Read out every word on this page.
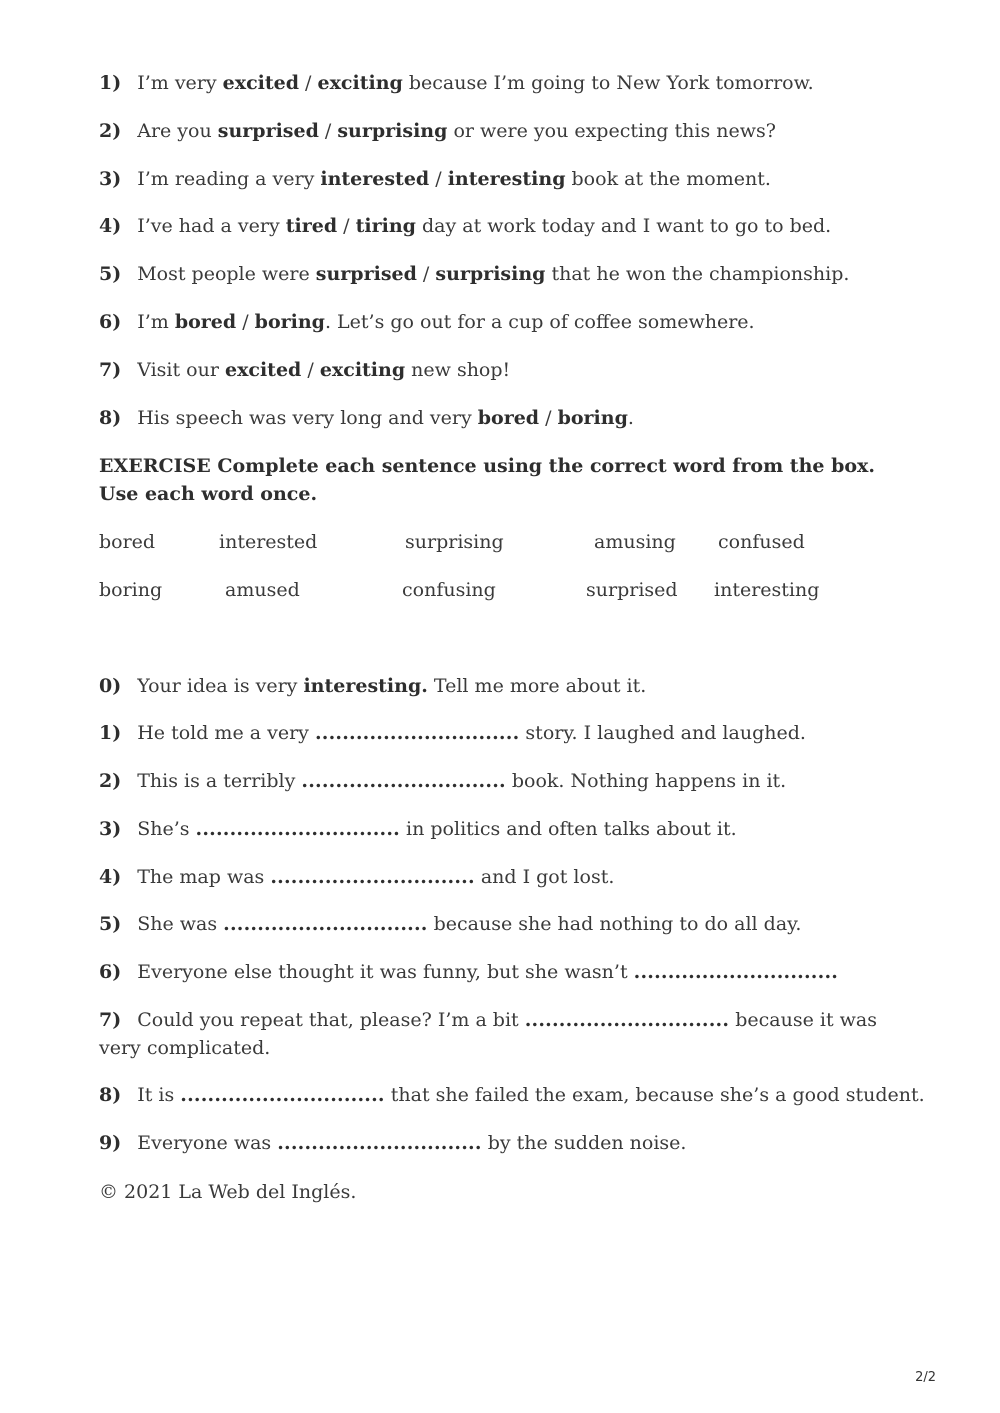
1) I’m very excited / exciting because I’m going to New York tomorrow.
2) Are you surprised / surprising or were you expecting this news?
3) I’m reading a very interested / interesting book at the moment.
4) I’ve had a very tired / tiring day at work today and I want to go to bed.
5) Most people were surprised / surprising that he won the championship.
6) I’m bored / boring. Let’s go out for a cup of coffee somewhere.
7) Visit our excited / exciting new shop!
8) His speech was very long and very bored / boring.
EXERCISE Complete each sentence using the correct word from the box. Use each word once.
bored	interested	surprising	amusing confused
boring	amused	confusing	surprised interesting
0) Your idea is very interesting. Tell me more about it.
1) He told me a very .............................. story. I laughed and laughed.
2) This is a terribly .............................. book. Nothing happens in it.
3) She’s .............................. in politics and often talks about it.
4) The map was .............................. and I got lost.
5) She was .............................. because she had nothing to do all day.
6) Everyone else thought it was funny, but she wasn’t ..............................
7) Could you repeat that, please? I’m a bit .............................. because it was very complicated.
8) It is .............................. that she failed the exam, because she’s a good student.
9) Everyone was .............................. by the sudden noise.
© 2021 La Web del Inglés.
2/2
